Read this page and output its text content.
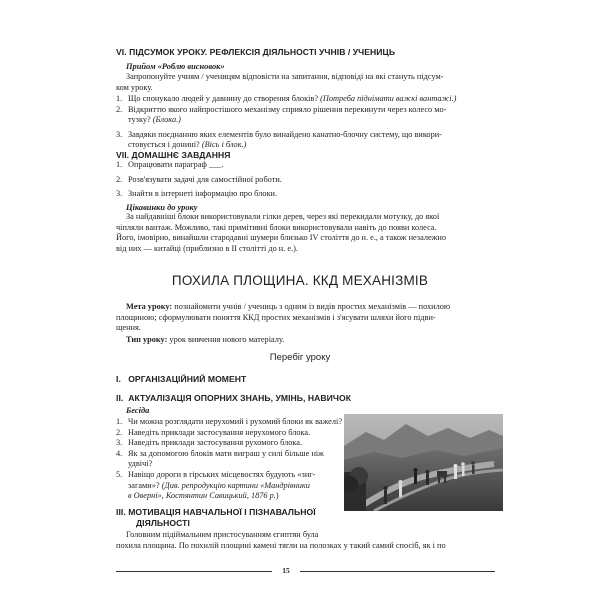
VI. ПІДСУМОК УРОКУ. РЕФЛЕКСІЯ ДІЯЛЬНОСТІ УЧНІВ / УЧЕНИЦЬ
Прийом «Роблю висновок»
Запропонуйте учням / ученицям відповісти на запитання, відповіді на які стануть підсум-
ком уроку.
1. Що спонукало людей у давнину до створення блоків? (Потреба піднімати важкі вантажі.)
2. Відкриттю якого найпростішого механізму сприяло рішення перекинути через колесо мо-
тузку? (Блока.)
3. Завдяки поєднанню яких елементів було винайдено канатно-блочну систему, що викори-
стовується і донині? (Вісь і блок.)
VII. ДОМАШНЄ ЗАВДАННЯ
1. Опрацювати параграф ___.
2. Розв'язувати задачі для самостійної роботи.
3. Знайти в інтернеті інформацію про блоки.
Цікавинки до уроку
За найдавніші блоки використовували гілки дерев, через які перекидали мотузку, до якої
чіпляли вантаж. Можливо, такі примітивні блоки використовували навіть до появи колеса.
Його, імовірно, винайшли стародавні шумери близько IV століття до н. е., а також незалежно
від них — китайці (приблизно в II столітті до н. е.).
ПОХИЛА ПЛОЩИНА. ККД МЕХАНІЗМІВ
Мета уроку: познайомити учнів / учениць з одним із видів простих механізмів — похилою
площиною; сформулювати поняття ККД простих механізмів і з'ясувати шляхи його підви-
щення.
Тип уроку: урок вивчення нового матеріалу.
Перебіг уроку
I.   ОРГАНІЗАЦІЙНИЙ МОМЕНТ
II.  АКТУАЛІЗАЦІЯ ОПОРНИХ ЗНАНЬ, УМІНЬ, НАВИЧОК
Бесіда
1. Чи можна розглядати нерухомий і рухомий блоки як важелі?
2. Наведіть приклади застосування нерухомого блока.
3. Наведіть приклади застосування рухомого блока.
4. Як за допомогою блоків мати виграш у силі більше ніж
удвічі?
5. Навіщо дороги в гірських місцевостях будують «зиг-
загами»? (Див. репродукцію картини «Мандрівники
в Оверні», Костянтин Савицький, 1876 р.)
III. МОТИВАЦІЯ НАВЧАЛЬНОЇ І ПІЗНАВАЛЬНОЇ
ДІЯЛЬНОСТІ
Головним підіймальним пристосуванням єгиптян була
похила площина. По похилій площині камені тягли на полозках у такий самий спосіб, як і по
15
